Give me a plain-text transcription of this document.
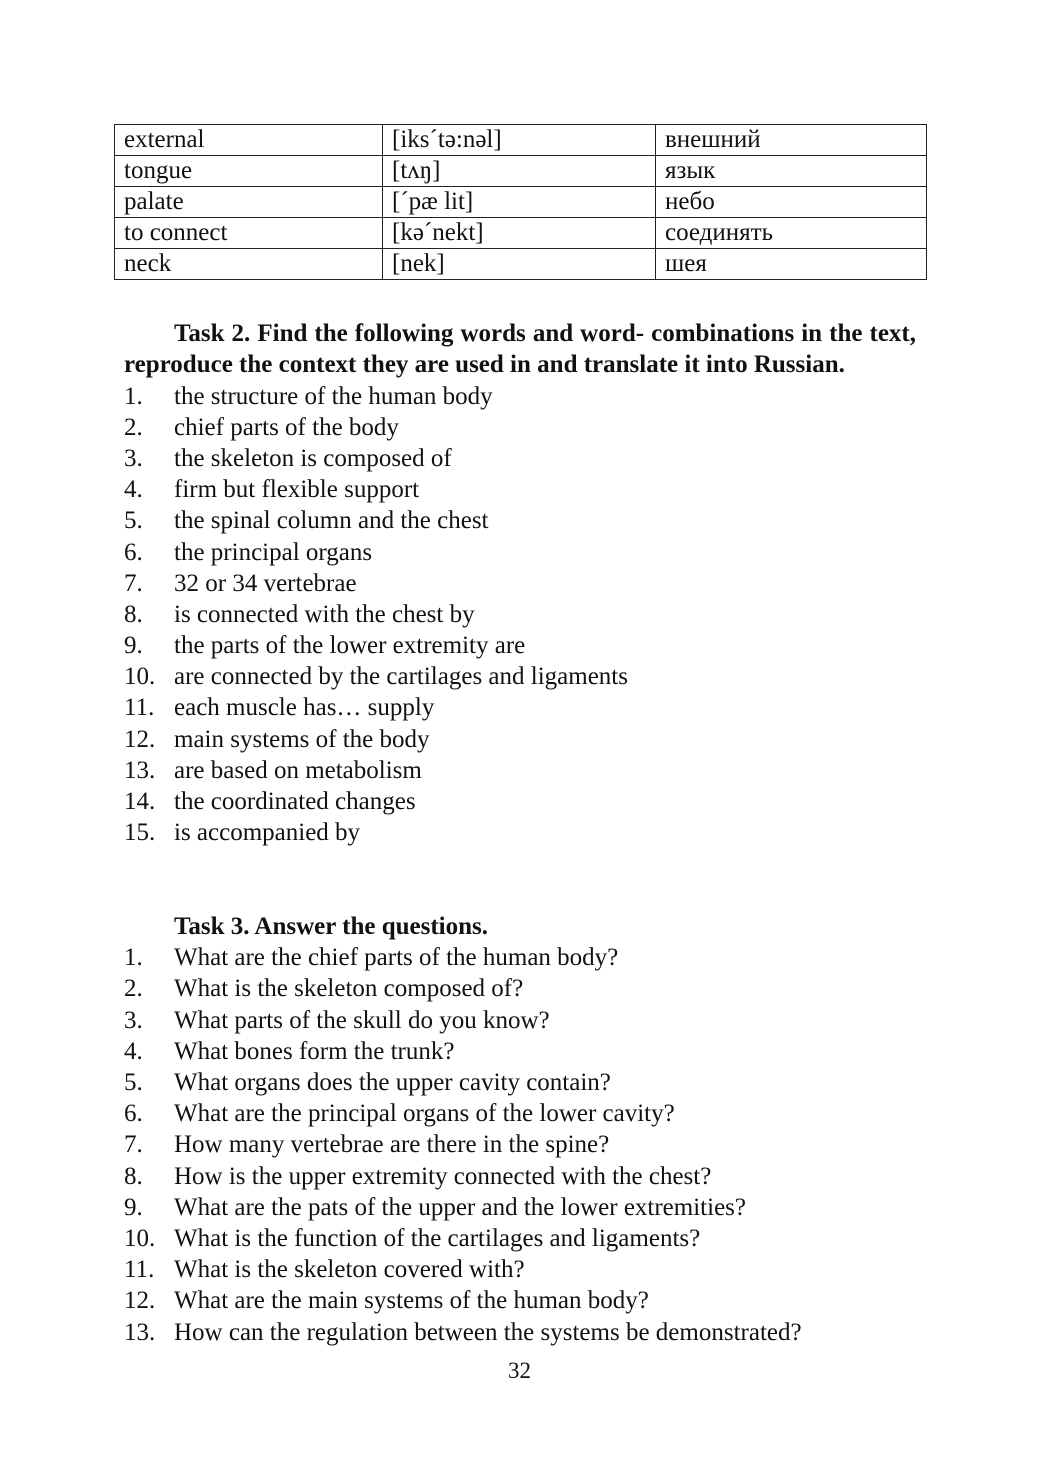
external	[iks´tə:nəl]	внешний
tongue	[tʌŋ]	язык
palate	[´pæ lit]	небо
to connect	[kə´nekt]	соединять
neck	[nek]	шея

Task 2. Find the following words and word- combinations in the text, reproduce the context they are used in and translate it into Russian.

1.	the structure of the human body
2.	chief parts of the body
3.	the skeleton is composed of
4.	firm but flexible support
5.	the spinal column and the chest
6.	the principal organs
7.	32 or 34 vertebrae
8.	is connected with the chest by
9.	the parts of the lower extremity are
10. are connected by the cartilages and ligaments
11. each muscle has… supply
12. main systems of the body
13. are based on metabolism
14. the coordinated changes
15. is accompanied by

Task 3. Answer the questions.

1.	What are the chief parts of the human body?
2.	What is the skeleton composed of?
3.	What parts of the skull do you know?
4.	What bones form the trunk?
5.	What organs does the upper cavity contain?
6.	What are the principal organs of the lower cavity?
7.	How many vertebrae are there in the spine?
8.	How is the upper extremity connected with the chest?
9.	What are the pats of the upper and the lower extremities?
10. What is the function of the cartilages and ligaments?
11. What is the skeleton covered with?
12. What are the main systems of the human body?
13. How can the regulation between the systems be demonstrated?
32
